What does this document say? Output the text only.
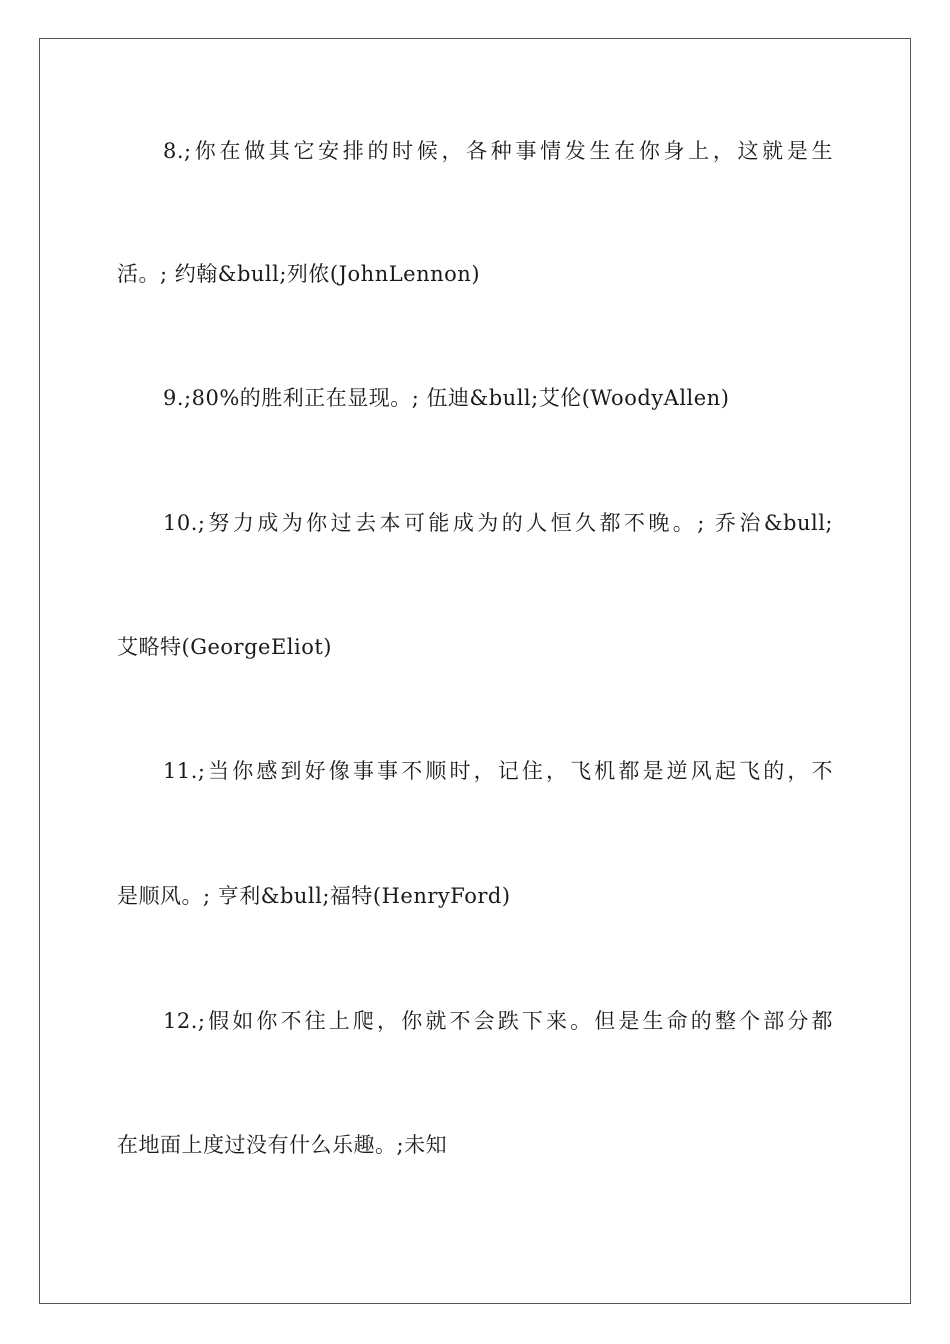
8.;你在做其它安排的时候，各种事情发生在你身上，这就是生
活。; 约翰&bull;列侬(JohnLennon)
9.;80%的胜利正在显现。; 伍迪&bull;艾伦(WoodyAllen)
10.;努力成为你过去本可能成为的人恒久都不晚。; 乔治&bull;
艾略特(GeorgeEliot)
11.;当你感到好像事事不顺时，记住，飞机都是逆风起飞的，不
是顺风。; 亨利&bull;福特(HenryFord)
12.;假如你不往上爬，你就不会跌下来。但是生命的整个部分都
在地面上度过没有什么乐趣。;未知
